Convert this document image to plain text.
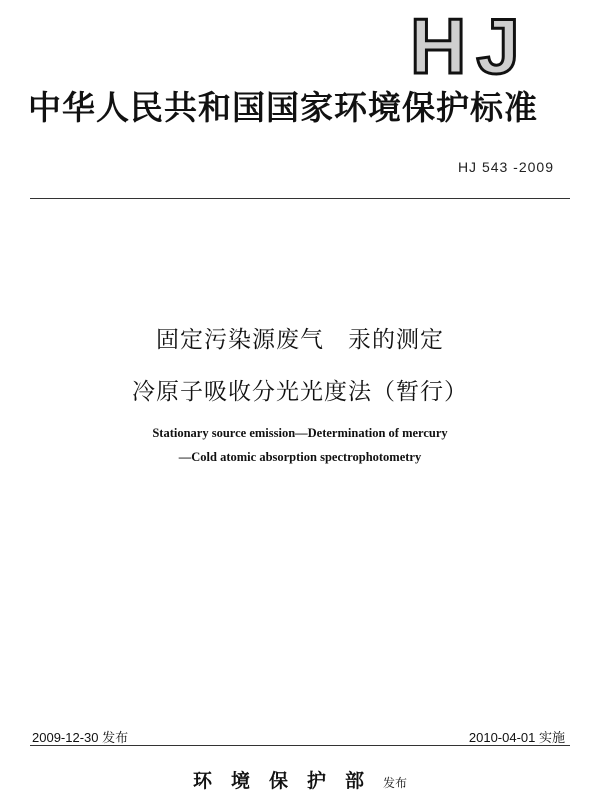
HJ
中华人民共和国国家环境保护标准
HJ 543 -2009
固定污染源废气　汞的测定
冷原子吸收分光光度法（暂行）
Stationary source emission—Determination of mercury
—Cold atomic absorption spectrophotometry
2009-12-30 发布	2010-04-01 实施
环境保护部发布
